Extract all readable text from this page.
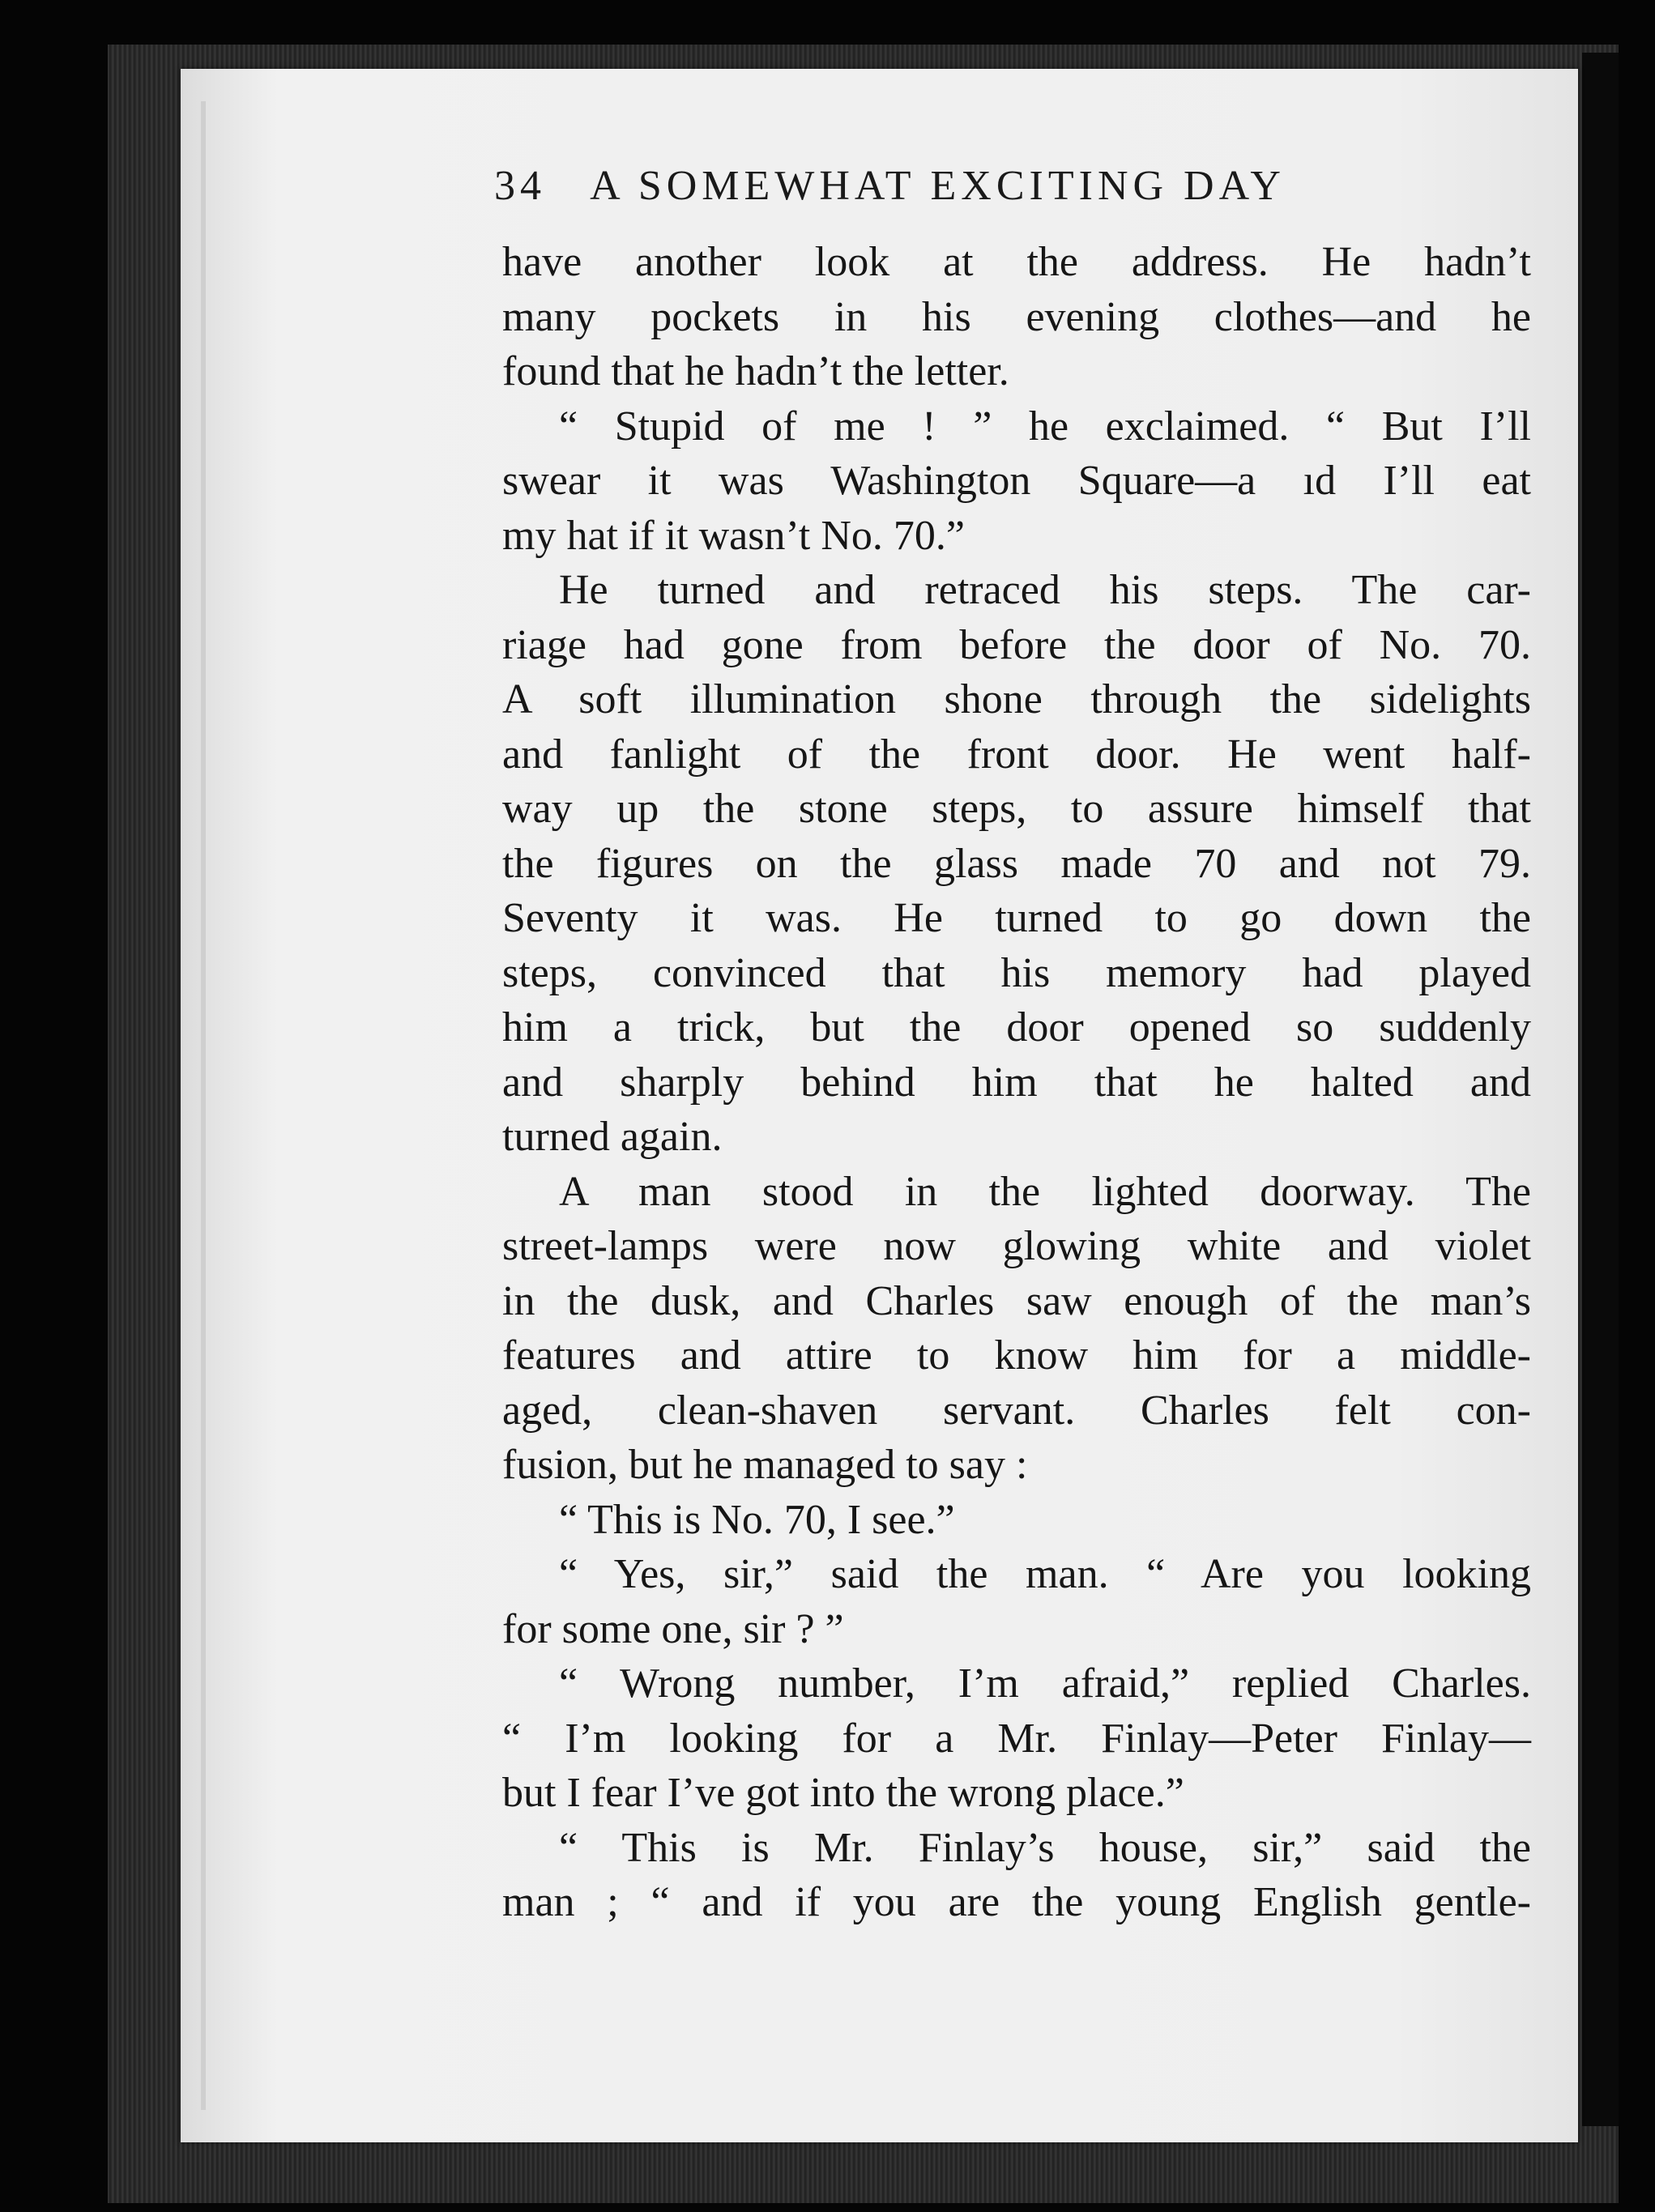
34 A SOMEWHAT EXCITING DAY
have another look at the address. He hadn’t
many pockets in his evening clothes—and he
found that he hadn’t the letter.
“ Stupid of me ! ” he exclaimed. “ But I’ll
swear it was Washington Square—a ıd I’ll eat
my hat if it wasn’t No. 70.”
He turned and retraced his steps. The car-
riage had gone from before the door of No. 70.
A soft illumination shone through the sidelights
and fanlight of the front door. He went half-
way up the stone steps, to assure himself that
the figures on the glass made 70 and not 79.
Seventy it was. He turned to go down the
steps, convinced that his memory had played
him a trick, but the door opened so suddenly
and sharply behind him that he halted and
turned again.
A man stood in the lighted doorway. The
street-lamps were now glowing white and violet
in the dusk, and Charles saw enough of the man’s
features and attire to know him for a middle-
aged, clean-shaven servant. Charles felt con-
fusion, but he managed to say :
“ This is No. 70, I see.”
“ Yes, sir,” said the man. “ Are you looking
for some one, sir ? ”
“ Wrong number, I’m afraid,” replied Charles.
“ I’m looking for a Mr. Finlay—Peter Finlay—
but I fear I’ve got into the wrong place.”
“ This is Mr. Finlay’s house, sir,” said the
man ; “ and if you are the young English gentle-
